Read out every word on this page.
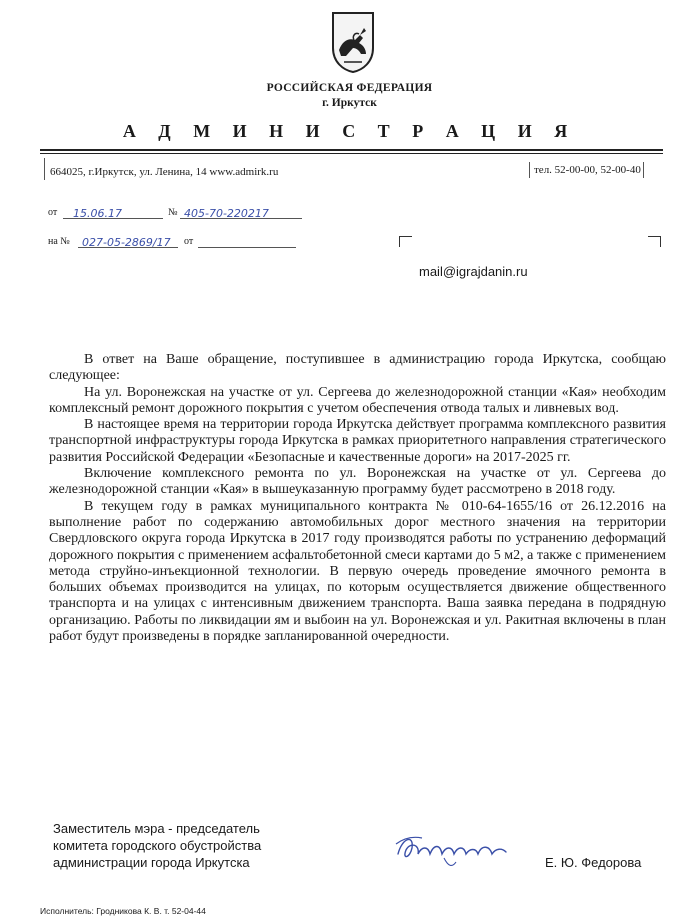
РОССИЙСКАЯ ФЕДЕРАЦИЯ
г. Иркутск
А Д М И Н И С Т Р А Ц И Я
664025, г.Иркутск, ул. Ленина, 14 www.admirk.ru	тел. 52-00-00, 52-00-40
от	15.06.17	№ 405-70-220217
на №	027-05-2869/17	от
mail@igrajdanin.ru

В ответ на Ваше обращение, поступившее в администрацию города Иркутска, сообщаю следующее:

На ул. Воронежская на участке от ул. Сергеева до железнодорожной станции «Кая» необходим комплексный ремонт дорожного покрытия с учетом обеспечения отвода талых и ливневых вод.

В настоящее время на территории города Иркутска действует программа комплексного развития транспортной инфраструктуры города Иркутска в рамках приоритетного направления стратегического развития Российской Федерации «Безопасные и качественные дороги» на 2017-2025 гг.

Включение комплексного ремонта по ул. Воронежская на участке от ул. Сергеева до железнодорожной станции «Кая» в вышеуказанную программу будет рассмотрено в 2018 году.

В текущем году в рамках муниципального контракта № 010-64-1655/16 от 26.12.2016 на выполнение работ по содержанию автомобильных дорог местного значения на территории Свердловского округа города Иркутска в 2017 году производятся работы по устранению деформаций дорожного покрытия с применением асфальтобетонной смеси картами до 5 м2, а также с применением метода струйно-инъекционной технологии. В первую очередь проведение ямочного ремонта в больших объемах производится на улицах, по которым осуществляется движение общественного транспорта и на улицах с интенсивным движением транспорта. Ваша заявка передана в подрядную организацию. Работы по ликвидации ям и выбоин на ул. Воронежская и ул. Ракитная включены в план работ будут произведены в порядке запланированной очередности.

Заместитель мэра - председатель
комитета городского обустройства
администрации города Иркутска	Е. Ю. Федорова
Исполнитель: Гродникова К. В. т. 52-04-44
